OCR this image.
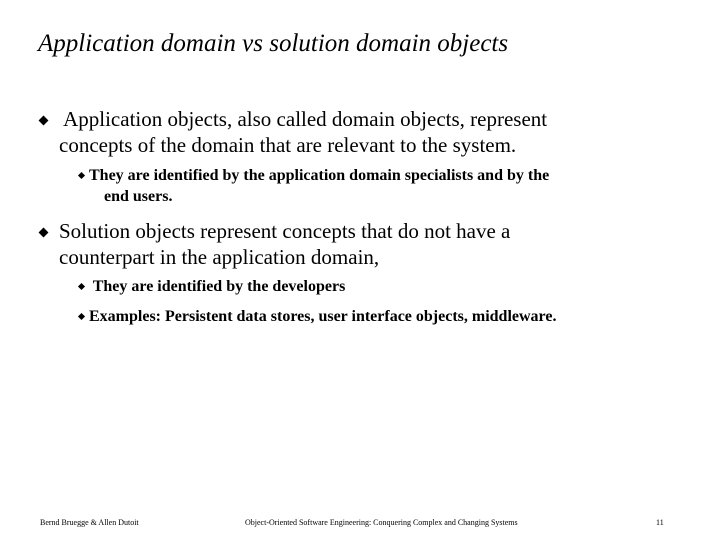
Application domain vs solution domain objects
Application objects, also called domain objects, represent
concepts of the domain that are relevant to the system.
They are identified by the application domain specialists and by the
end users.
Solution objects represent concepts that do not have a
counterpart in the application domain,
They are identified by the developers
Examples: Persistent data stores, user interface objects, middleware.
Bernd Bruegge & Allen Dutoit	Object-Oriented Software Engineering: Conquering Complex and Changing Systems	11
